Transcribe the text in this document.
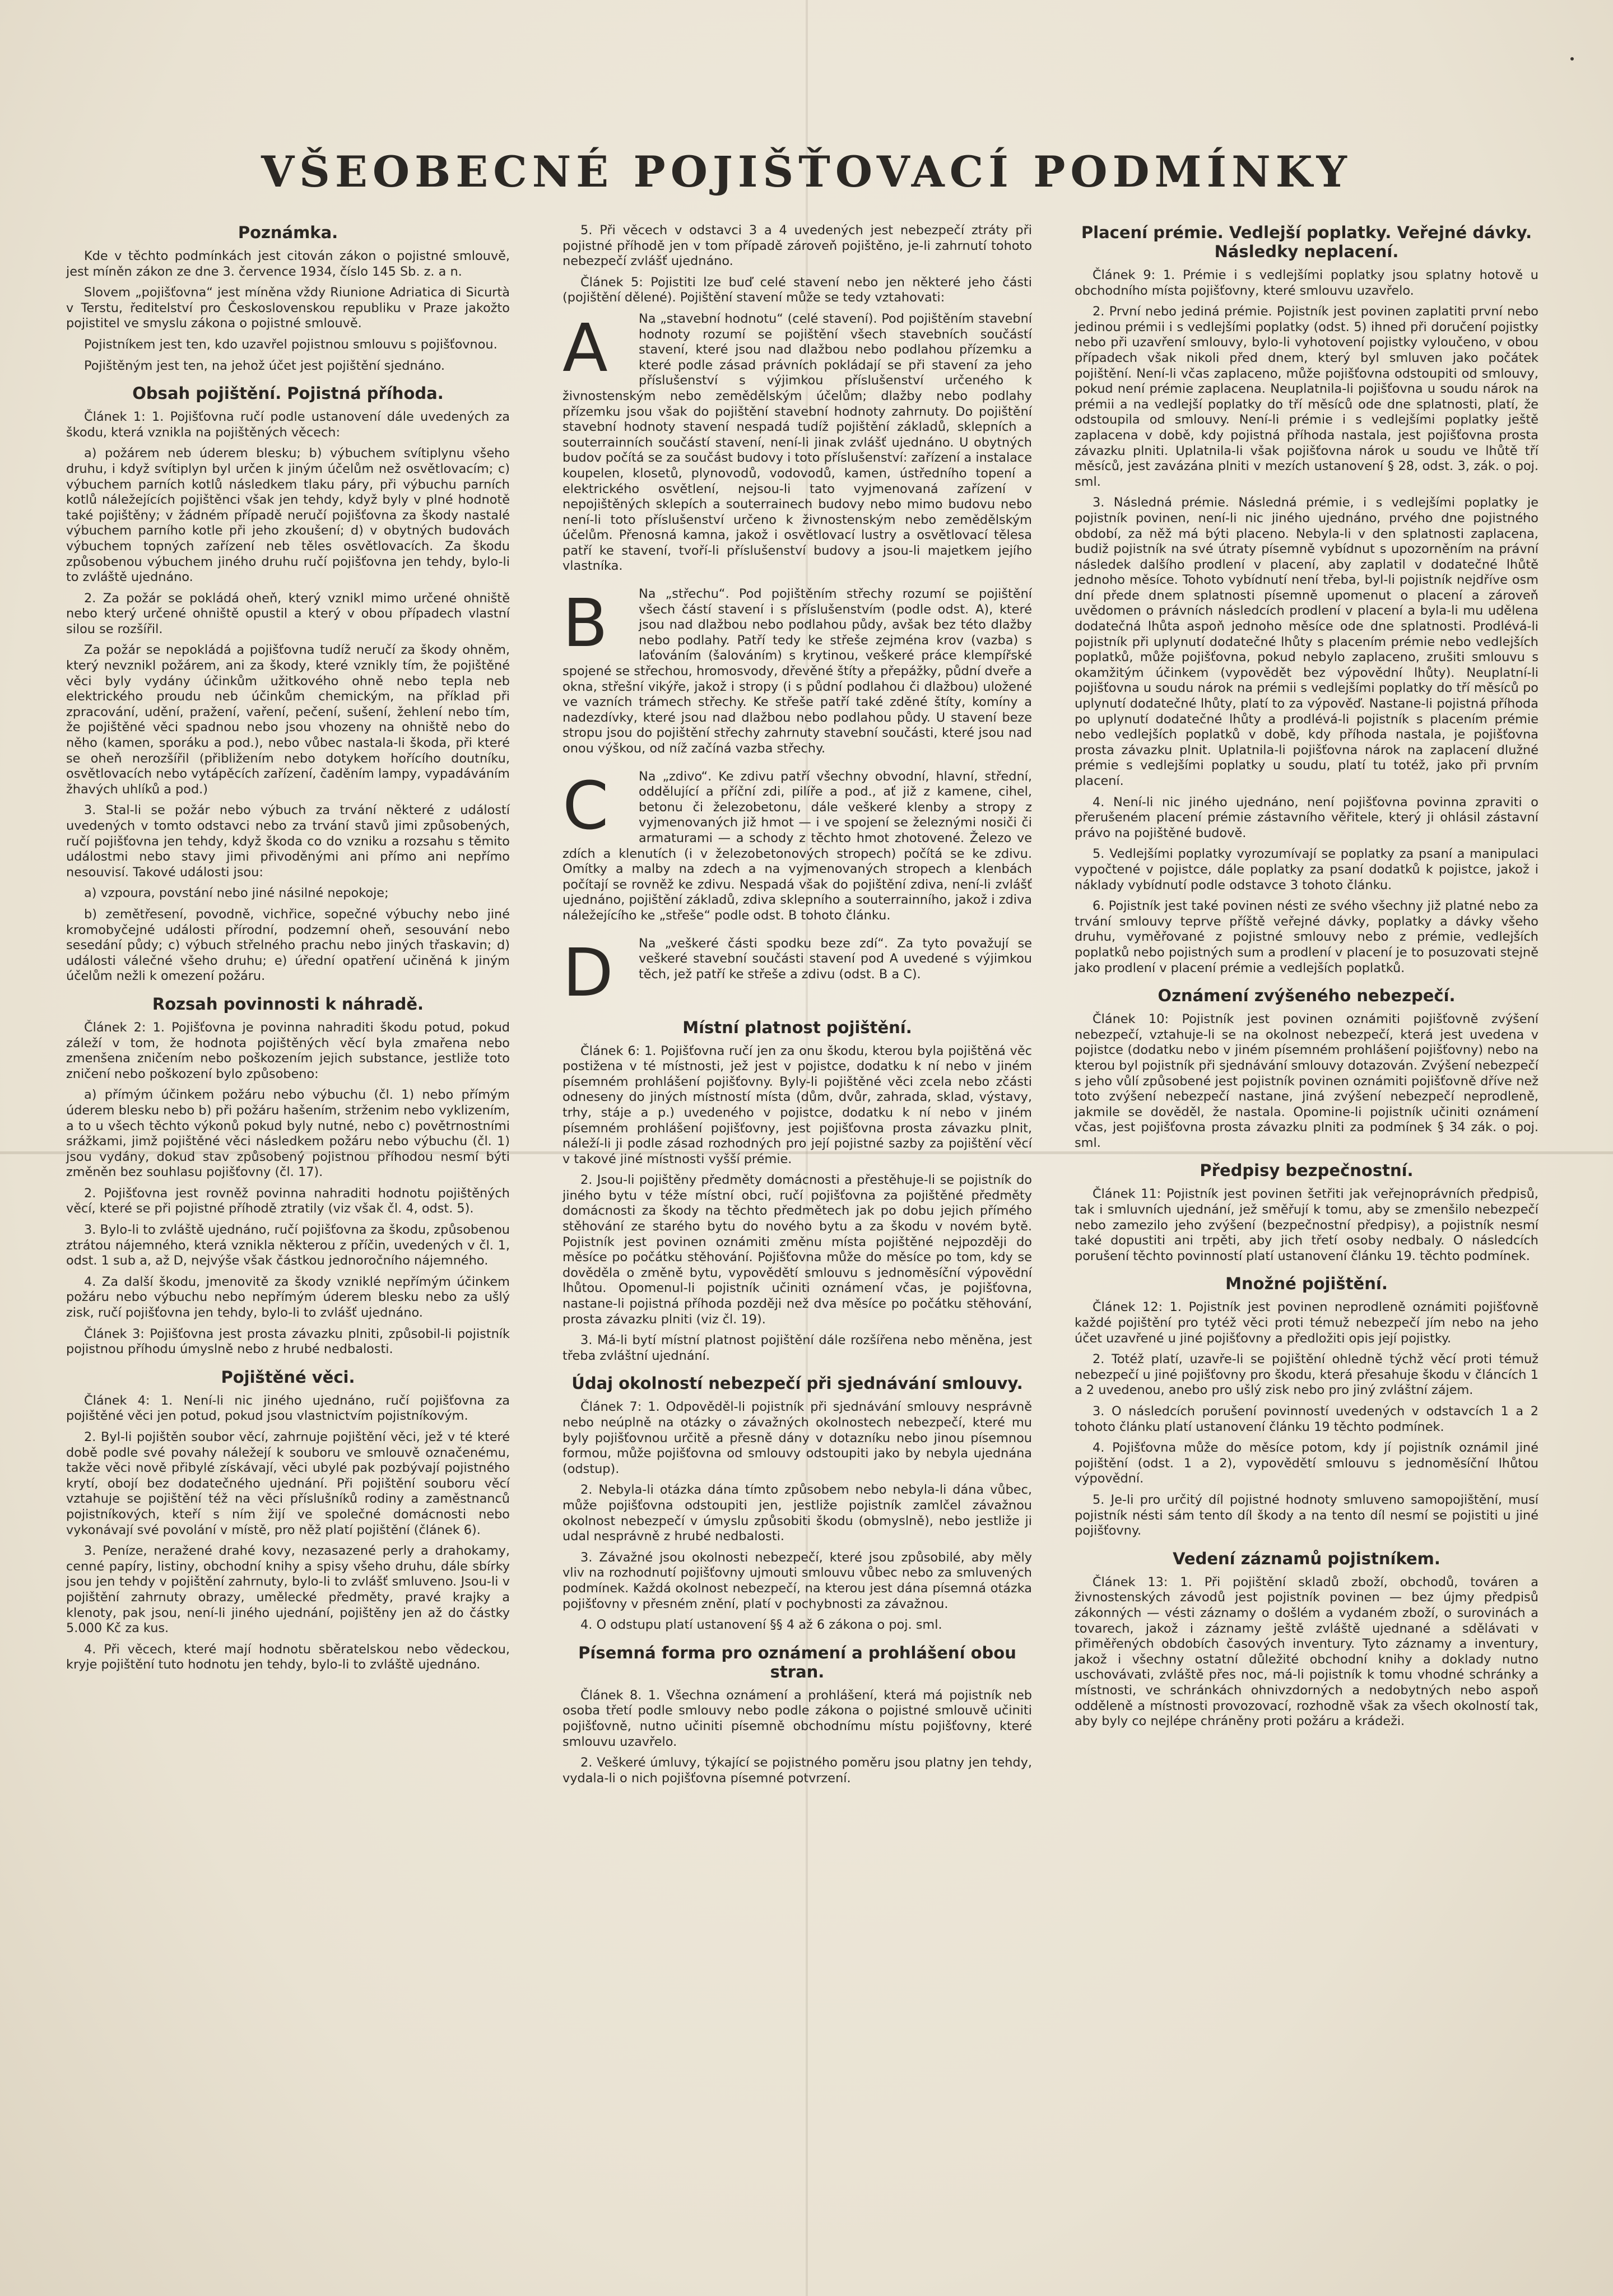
VŠEOBECNÉ POJIŠŤOVACÍ PODMÍNKY
Poznámka.

Kde v těchto podmínkách jest citován zákon o pojistné smlouvě, jest míněn zákon ze dne 3. července 1934, číslo 145 Sb. z. a n.

Slovem „pojišťovna“ jest míněna vždy Riunione Adriatica di Sicurtà v Terstu, ředitelství pro Československou republiku v Praze jakožto pojistitel ve smyslu zákona o pojistné smlouvě.

Pojistníkem jest ten, kdo uzavřel pojistnou smlouvu s pojišťovnou.

Pojištěným jest ten, na jehož účet jest pojištění sjednáno.

Obsah pojištění. Pojistná příhoda.

Článek 1: 1. Pojišťovna ručí podle ustanovení dále uvedených za škodu, která vznikla na pojištěných věcech:

a) požárem neb úderem blesku; b) výbuchem svítiplynu všeho druhu, i když svítiplyn byl určen k jiným účelům než osvětlovacím; c) výbuchem parních kotlů následkem tlaku páry, při výbuchu parních kotlů náležejících pojištěnci však jen tehdy, když byly v plné hodnotě také pojištěny; v žádném případě neručí pojišťovna za škody nastalé výbuchem parního kotle při jeho zkoušení; d) v obytných budovách výbuchem topných zařízení neb těles osvětlovacích. Za škodu způsobenou výbuchem jiného druhu ručí pojišťovna jen tehdy, bylo-li to zvláště ujednáno.

2. Za požár se pokládá oheň, který vznikl mimo určené ohniště nebo který určené ohniště opustil a který v obou případech vlastní silou se rozšířil.

Za požár se nepokládá a pojišťovna tudíž neručí za škody ohněm, který nevznikl požárem, ani za škody, které vznikly tím, že pojištěné věci byly vydány účinkům užitkového ohně nebo tepla neb elektrického proudu neb účinkům chemickým, na příklad při zpracování, udění, pražení, vaření, pečení, sušení, žehlení nebo tím, že pojištěné věci spadnou nebo jsou vhozeny na ohniště nebo do něho (kamen, sporáku a pod.), nebo vůbec nastala-li škoda, při které se oheň nerozšířil (přibližením nebo dotykem hořícího doutníku, osvětlovacích nebo vytápěcích zařízení, čaděním lampy, vypadáváním žhavých uhlíků a pod.)

3. Stal-li se požár nebo výbuch za trvání některé z událostí uvedených v tomto odstavci nebo za trvání stavů jimi způsobených, ručí pojišťovna jen tehdy, když škoda co do vzniku a rozsahu s těmito událostmi nebo stavy jimi přivoděnými ani přímo ani nepřímo nesouvisí. Takové události jsou:

a) vzpoura, povstání nebo jiné násilné nepokoje;

b) zemětřesení, povodně, vichřice, sopečné výbuchy nebo jiné kromobyčejné události přírodní, podzemní oheň, sesouvání nebo sesedání půdy; c) výbuch střelného prachu nebo jiných třaskavin; d) události válečné všeho druhu; e) úřední opatření učiněná k jiným účelům nežli k omezení požáru.

Rozsah povinnosti k náhradě.

Článek 2: 1. Pojišťovna je povinna nahraditi škodu potud, pokud záleží v tom, že hodnota pojištěných věcí byla zmařena nebo zmenšena zničením nebo poškozením jejich substance, jestliže toto zničení nebo poškození bylo způsobeno:

a) přímým účinkem požáru nebo výbuchu (čl. 1) nebo přímým úderem blesku nebo b) při požáru hašením, strženim nebo vyklizením, a to u všech těchto výkonů pokud byly nutné, nebo c) povětrnostními srážkami, jimž pojištěné věci následkem požáru nebo výbuchu (čl. 1) jsou vydány, dokud stav způsobený pojistnou příhodou nesmí býti změněn bez souhlasu pojišťovny (čl. 17).

2. Pojišťovna jest rovněž povinna nahraditi hodnotu pojištěných věcí, které se při pojistné příhodě ztratily (viz však čl. 4, odst. 5).

3. Bylo-li to zvláště ujednáno, ručí pojišťovna za škodu, způsobenou ztrátou nájemného, která vznikla některou z příčin, uvedených v čl. 1, odst. 1 sub a, až D, nejvýše však částkou jednoročního nájemného.

4. Za další škodu, jmenovitě za škody vzniklé nepřímým účinkem požáru nebo výbuchu nebo nepřímým úderem blesku nebo za ušlý zisk, ručí pojišťovna jen tehdy, bylo-li to zvlášť ujednáno.

Článek 3: Pojišťovna jest prosta závazku plniti, způsobil-li pojistník pojistnou příhodu úmyslně nebo z hrubé nedbalosti.

Pojištěné věci.

Článek 4: 1. Není-li nic jiného ujednáno, ručí pojišťovna za pojištěné věci jen potud, pokud jsou vlastnictvím pojistníkovým.

2. Byl-li pojištěn soubor věcí, zahrnuje pojištění věci, jež v té které době podle své povahy náležejí k souboru ve smlouvě označenému, takže věci nově přibylé získávají, věci ubylé pak pozbývají pojistného krytí, obojí bez dodatečného ujednání. Při pojištění souboru věcí vztahuje se pojištění též na věci příslušníků rodiny a zaměstnanců pojistníkových, kteří s ním žijí ve společné domácnosti nebo vykonávají své povolání v místě, pro něž platí pojištění (článek 6).

3. Peníze, neražené drahé kovy, nezasazené perly a drahokamy, cenné papíry, listiny, obchodní knihy a spisy všeho druhu, dále sbírky jsou jen tehdy v pojištění zahrnuty, bylo-li to zvlášť smluveno. Jsou-li v pojištění zahrnuty obrazy, umělecké předměty, pravé krajky a klenoty, pak jsou, není-li jiného ujednání, pojištěny jen až do částky 5.000 Kč za kus.

4. Při věcech, které mají hodnotu sběratelskou nebo vědeckou, kryje pojištění tuto hodnotu jen tehdy, bylo-li to zvláště ujednáno.

5. Při věcech v odstavci 3 a 4 uvedených jest nebezpečí ztráty při pojistné příhodě jen v tom případě zároveň pojištěno, je-li zahrnutí tohoto nebezpečí zvlášť ujednáno.

Článek 5: Pojistiti lze buď celé stavení nebo jen některé jeho části (pojištění dělené). Pojištění stavení může se tedy vztahovati:

A	Na „stavební hodnotu“ (celé stavení). Pod pojištěním stavební hodnoty rozumí se pojištění všech stavebních součástí stavení, které jsou nad dlažbou nebo podlahou přízemku a které podle zásad právních pokládají se při stavení za jeho příslušenství s výjimkou příslušenství určeného k živnostenským nebo zemědělským účelům; dlažby nebo podlahy přízemku jsou však do pojištění stavební hodnoty zahrnuty. Do pojištění stavební hodnoty stavení nespadá tudíž pojištění základů, sklepních a souterrainních součástí stavení, není-li jinak zvlášť ujednáno. U obytných budov počítá se za součást budovy i toto příslušenství: zařízení a instalace koupelen, klosetů, plynovodů, vodovodů, kamen, ústředního topení a elektrického osvětlení, nejsou-li tato vyjmenovaná zařízení v nepojištěných sklepích a souterrainech budovy nebo mimo budovu nebo není-li toto příslušenství určeno k živnostenským nebo zemědělským účelům. Přenosná kamna, jakož i osvětlovací lustry a osvětlovací tělesa patří ke stavení, tvoří-li příslušenství budovy a jsou-li majetkem jejího vlastníka.

B	Na „střechu“. Pod pojištěním střechy rozumí se pojištění všech částí stavení i s příslušenstvím (podle odst. A), které jsou nad dlažbou nebo podlahou půdy, avšak bez této dlažby nebo podlahy. Patří tedy ke střeše zejména krov (vazba) s laťováním (šalováním) s krytinou, veškeré práce klempířské spojené se střechou, hromosvody, dřevěné štíty a přepážky, půdní dveře a okna, střešní vikýře, jakož i stropy (i s půdní podlahou či dlažbou) uložené ve vazních trámech střechy. Ke střeše patří také zděné štíty, komíny a nadezdívky, které jsou nad dlažbou nebo podlahou půdy. U stavení beze stropu jsou do pojištění střechy zahrnuty stavební součásti, které jsou nad onou výškou, od níž začíná vazba střechy.

C	Na „zdivo“. Ke zdivu patří všechny obvodní, hlavní, střední, oddělující a příční zdi, pilíře a pod., ať již z kamene, cihel, betonu či železobetonu, dále veškeré klenby a stropy z vyjmenovaných již hmot — i ve spojení se železnými nosiči či armaturami — a schody z těchto hmot zhotovené. Železo ve zdích a klenutích (i v železobetonových stropech) počítá se ke zdivu. Omítky a malby na zdech a na vyjmenovaných stropech a klenbách počítají se rovněž ke zdivu. Nespadá však do pojištění zdiva, není-li zvlášť ujednáno, pojištění základů, zdiva sklepního a souterrainního, jakož i zdiva náležejícího ke „střeše“ podle odst. B tohoto článku.

D	Na „veškeré části spodku beze zdí“. Za tyto považují se veškeré stavební součásti stavení pod A uvedené s výjimkou těch, jež patří ke střeše a zdivu (odst. B a C).

Místní platnost pojištění.

Článek 6: 1. Pojišťovna ručí jen za onu škodu, kterou byla pojištěná věc postižena v té místnosti, jež jest v pojistce, dodatku k ní nebo v jiném písemném prohlášení pojišťovny. Byly-li pojištěné věci zcela nebo zčásti odneseny do jiných místností místa (dům, dvůr, zahrada, sklad, výstavy, trhy, stáje a p.) uvedeného v pojistce, dodatku k ní nebo v jiném písemném prohlášení pojišťovny, jest pojišťovna prosta závazku plnit, náleží-li ji podle zásad rozhodných pro její pojistné sazby za pojištění věcí v takové jiné místnosti vyšší prémie.

2. Jsou-li pojištěny předměty domácnosti a přestěhuje-li se pojistník do jiného bytu v téže místní obci, ručí pojišťovna za pojištěné předměty domácnosti za škody na těchto předmětech jak po dobu jejich přímého stěhování ze starého bytu do nového bytu a za škodu v novém bytě. Pojistník jest povinen oznámiti změnu místa pojištěné nejpozději do měsíce po počátku stěhování. Pojišťovna může do měsíce po tom, kdy se dověděla o změně bytu, vypovědětí smlouvu s jednoměsíční výpovědní lhůtou. Opomenul-li pojistník učiniti oznámení včas, je pojišťovna, nastane-li pojistná příhoda později než dva měsíce po počátku stěhování, prosta závazku plniti (viz čl. 19).

3. Má-li bytí místní platnost pojištění dále rozšířena nebo měněna, jest třeba zvláštní ujednání.

Údaj okolností nebezpečí při sjednávání smlouvy.

Článek 7: 1. Odpověděl-li pojistník při sjednávání smlouvy nesprávně nebo neúplně na otázky o závažných okolnostech nebezpečí, které mu byly pojišťovnou určitě a přesně dány v dotazníku nebo jinou písemnou formou, může pojišťovna od smlouvy odstoupiti jako by nebyla ujednána (odstup).

2. Nebyla-li otázka dána tímto způsobem nebo nebyla-li dána vůbec, může pojišťovna odstoupiti jen, jestliže pojistník zamlčel závažnou okolnost nebezpečí v úmyslu způsobiti škodu (obmyslně), nebo jestliže ji udal nesprávně z hrubé nedbalosti.

3. Závažné jsou okolnosti nebezpečí, které jsou způsobilé, aby měly vliv na rozhodnutí pojišťovny ujmouti smlouvu vůbec nebo za smluvených podmínek. Každá okolnost nebezpečí, na kterou jest dána písemná otázka pojišťovny v přesném znění, platí v pochybnosti za závažnou.

4. O odstupu platí ustanovení §§ 4 až 6 zákona o poj. sml.

Písemná forma pro oznámení a prohlášení obou stran.

Článek 8. 1. Všechna oznámení a prohlášení, která má pojistník neb osoba třetí podle smlouvy nebo podle zákona o pojistné smlouvě učiniti pojišťovně, nutno učiniti písemně obchodnímu místu pojišťovny, které smlouvu uzavřelo.

2. Veškeré úmluvy, týkající se pojistného poměru jsou platny jen tehdy, vydala-li o nich pojišťovna písemné potvrzení.

Placení prémie. Vedlejší poplatky. Veřejné dávky. Následky neplacení.

Článek 9: 1. Prémie i s vedlejšími poplatky jsou splatny hotově u obchodního místa pojišťovny, které smlouvu uzavřelo.

2. První nebo jediná prémie. Pojistník jest povinen zaplatiti první nebo jedinou prémii i s vedlejšími poplatky (odst. 5) ihned při doručení pojistky nebo při uzavření smlouvy, bylo-li vyhotovení pojistky vyloučeno, v obou případech však nikoli před dnem, který byl smluven jako počátek pojištění. Není-li včas zaplaceno, může pojišťovna odstoupiti od smlouvy, pokud není prémie zaplacena. Neuplatnila-li pojišťovna u soudu nárok na prémii a na vedlejší poplatky do tří měsíců ode dne splatnosti, platí, že odstoupila od smlouvy. Není-li prémie i s vedlejšími poplatky ještě zaplacena v době, kdy pojistná příhoda nastala, jest pojišťovna prosta závazku plniti. Uplatnila-li však pojišťovna nárok u soudu ve lhůtě tří měsíců, jest zavázána plniti v mezích ustanovení § 28, odst. 3, zák. o poj. sml.

3. Následná prémie. Následná prémie, i s vedlejšími poplatky je pojistník povinen, není-li nic jiného ujednáno, prvého dne pojistného období, za něž má býti placeno. Nebyla-li v den splatnosti zaplacena, budiž pojistník na své útraty písemně vybídnut s upozorněním na právní následek dalšího prodlení v placení, aby zaplatil v dodatečné lhůtě jednoho měsíce. Tohoto vybídnutí není třeba, byl-li pojistník nejdříve osm dní přede dnem splatnosti písemně upomenut o placení a zároveň uvědomen o právních následcích prodlení v placení a byla-li mu udělena dodatečná lhůta aspoň jednoho měsíce ode dne splatnosti. Prodlévá-li pojistník při uplynutí dodatečné lhůty s placením prémie nebo vedlejších poplatků, může pojišťovna, pokud nebylo zaplaceno, zrušiti smlouvu s okamžitým účinkem (vypovědět bez výpovědní lhůty). Neuplatní-li pojišťovna u soudu nárok na prémii s vedlejšími poplatky do tří měsíců po uplynutí dodatečné lhůty, platí to za výpověď. Nastane-li pojistná příhoda po uplynutí dodatečné lhůty a prodlévá-li pojistník s placením prémie nebo vedlejších poplatků v době, kdy příhoda nastala, je pojišťovna prosta závazku plnit. Uplatnila-li pojišťovna nárok na zaplacení dlužné prémie s vedlejšími poplatky u soudu, platí tu totéž, jako při prvním placení.

4. Není-li nic jiného ujednáno, není pojišťovna povinna zpraviti o přerušeném placení prémie zástavního věřitele, který ji ohlásil zástavní právo na pojištěné budově.

5. Vedlejšími poplatky vyrozumívají se poplatky za psaní a manipulaci vypočtené v pojistce, dále poplatky za psaní dodatků k pojistce, jakož i náklady vybídnutí podle odstavce 3 tohoto článku.

6. Pojistník jest také povinen nésti ze svého všechny již platné nebo za trvání smlouvy teprve příště veřejné dávky, poplatky a dávky všeho druhu, vyměřované z pojistné smlouvy nebo z prémie, vedlejších poplatků nebo pojistných sum a prodlení v placení je to posuzovati stejně jako prodlení v placení prémie a vedlejších poplatků.

Oznámení zvýšeného nebezpečí.

Článek 10: Pojistník jest povinen oznámiti pojišťovně zvýšení nebezpečí, vztahuje-li se na okolnost nebezpečí, která jest uvedena v pojistce (dodatku nebo v jiném písemném prohlášení pojišťovny) nebo na kterou byl pojistník při sjednávání smlouvy dotazován. Zvýšení nebezpečí s jeho vůlí způsobené jest pojistník povinen oznámiti pojišťovně dříve než toto zvýšení nebezpečí nastane, jiná zvýšení nebezpečí neprodleně, jakmile se dověděl, že nastala. Opomine-li pojistník učiniti oznámení včas, jest pojišťovna prosta závazku plniti za podmínek § 34 zák. o poj. sml.

Předpisy bezpečnostní.

Článek 11: Pojistník jest povinen šetřiti jak veřejnoprávních předpisů, tak i smluvních ujednání, jež směřují k tomu, aby se zmenšilo nebezpečí nebo zamezilo jeho zvýšení (bezpečnostní předpisy), a pojistník nesmí také dopustiti ani trpěti, aby jich třetí osoby nedbaly. O následcích porušení těchto povinností platí ustanovení článku 19. těchto podmínek.

Množné pojištění.

Článek 12: 1. Pojistník jest povinen neprodleně oznámiti pojišťovně každé pojištění pro tytéž věci proti témuž nebezpečí jím nebo na jeho účet uzavřené u jiné pojišťovny a předložiti opis její pojistky.

2. Totéž platí, uzavře-li se pojištění ohledně týchž věcí proti témuž nebezpečí u jiné pojišťovny pro škodu, která přesahuje škodu v článcích 1 a 2 uvedenou, anebo pro ušlý zisk nebo pro jiný zvláštní zájem.

3. O následcích porušení povinností uvedených v odstavcích 1 a 2 tohoto článku platí ustanovení článku 19 těchto podmínek.

4. Pojišťovna může do měsíce potom, kdy jí pojistník oznámil jiné pojištění (odst. 1 a 2), vypovědětí smlouvu s jednoměsíční lhůtou výpovědní.

5. Je-li pro určitý díl pojistné hodnoty smluveno samopojištění, musí pojistník nésti sám tento díl škody a na tento díl nesmí se pojistiti u jiné pojišťovny.

Vedení záznamů pojistníkem.

Článek 13: 1. Při pojištění skladů zboží, obchodů, továren a živnostenských závodů jest pojistník povinen — bez újmy předpisů zákonných — vésti záznamy o došlém a vydaném zboží, o surovinách a tovarech, jakož i záznamy ještě zvláště ujednané a sdělávati v přiměřených obdobích časových inventury. Tyto záznamy a inventury, jakož i všechny ostatní důležité obchodní knihy a doklady nutno uschovávati, zvláště přes noc, má-li pojistník k tomu vhodné schránky a místnosti, ve schránkách ohnivzdorných a nedobytných nebo aspoň odděleně a místnosti provozovací, rozhodně však za všech okolností tak, aby byly co nejlépe chráněny proti požáru a krádeži.
